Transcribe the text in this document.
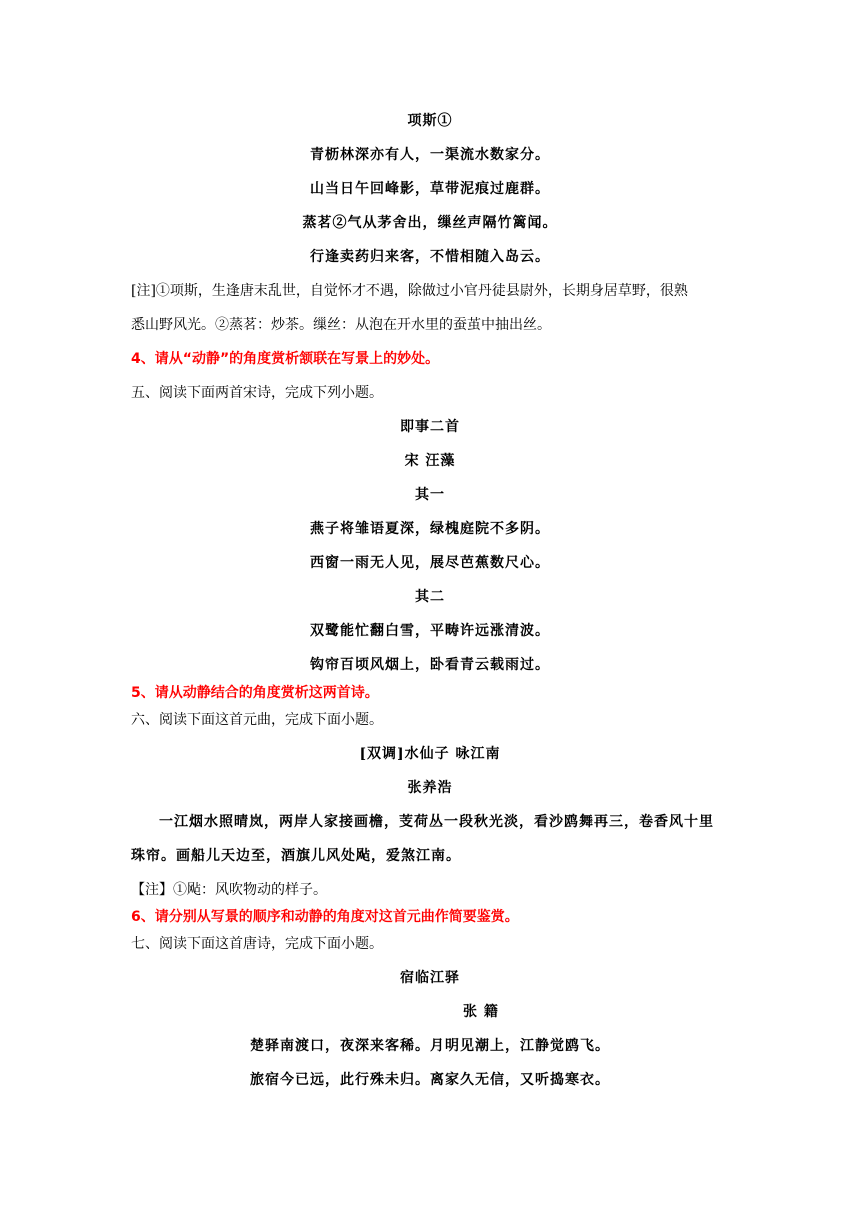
项斯①
青枥林深亦有人，一渠流水数家分。
山当日午回峰影，草带泥痕过鹿群。
蒸茗②气从茅舍出，缫丝声隔竹篱闻。
行逢卖药归来客，不惜相随入岛云。
[注]①项斯，生逢唐末乱世，自觉怀才不遇，除做过小官丹徒县尉外，长期身居草野，很熟
悉山野风光。②蒸茗：炒茶。缫丝：从泡在开水里的蚕茧中抽出丝。
4、请从“动静”的角度赏析颔联在写景上的妙处。
五、阅读下面两首宋诗，完成下列小题。
即事二首
宋 汪藻
其一
燕子将雏语夏深，绿槐庭院不多阴。
西窗一雨无人见，展尽芭蕉数尺心。
其二
双鹭能忙翻白雪，平畴许远涨清波。
钩帘百顷风烟上，卧看青云载雨过。
5、请从动静结合的角度赏析这两首诗。
六、阅读下面这首元曲，完成下面小题。
[双调]水仙子 咏江南
张养浩
一江烟水照晴岚，两岸人家接画檐，芰荷丛一段秋光淡，看沙鸥舞再三，卷香风十里
珠帘。画船儿天边至，酒旗儿风处飐，爱煞江南。
【注】①飐：风吹物动的样子。
6、请分别从写景的顺序和动静的角度对这首元曲作简要鉴赏。
七、阅读下面这首唐诗，完成下面小题。
宿临江驿
张 籍
楚驿南渡口，夜深来客稀。月明见潮上，江静觉鸥飞。
旅宿今已远，此行殊未归。离家久无信，又听捣寒衣。
